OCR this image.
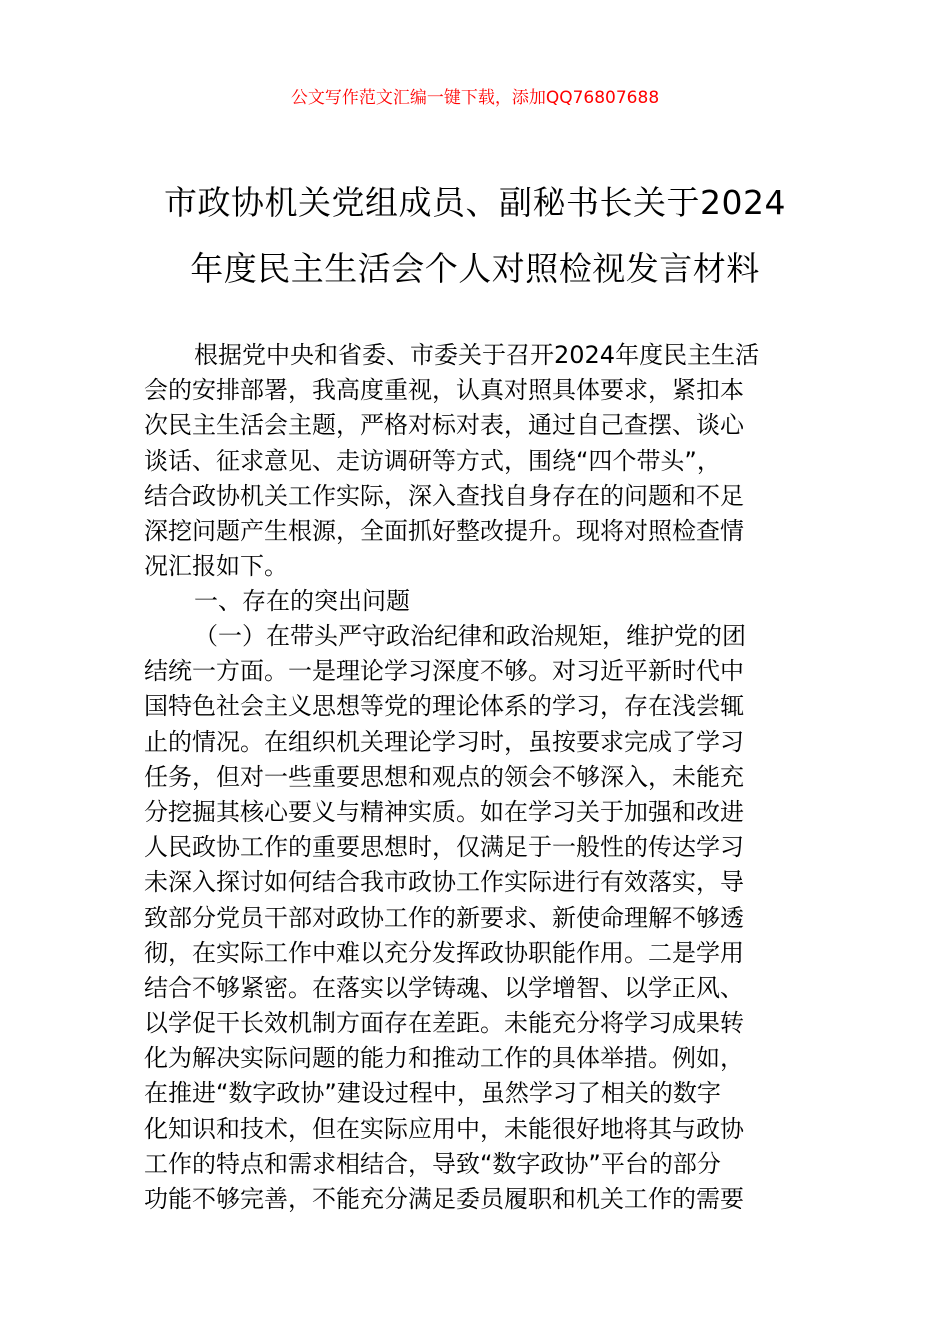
公文写作范文汇编一键下载，添加QQ76807688
市政协机关党组成员、副秘书长关于2024
年度民主生活会个人对照检视发言材料
根据党中央和省委、市委关于召开2024年度民主生活
会的安排部署，我高度重视，认真对照具体要求，紧扣本
次民主生活会主题，严格对标对表，通过自己查摆、谈心
谈话、征求意见、走访调研等方式，围绕“四个带头”，
结合政协机关工作实际，深入查找自身存在的问题和不足
深挖问题产生根源，全面抓好整改提升。现将对照检查情
况汇报如下。
一、存在的突出问题
（一）在带头严守政治纪律和政治规矩，维护党的团
结统一方面。一是理论学习深度不够。对习近平新时代中
国特色社会主义思想等党的理论体系的学习，存在浅尝辄
止的情况。在组织机关理论学习时，虽按要求完成了学习
任务，但对一些重要思想和观点的领会不够深入，未能充
分挖掘其核心要义与精神实质。如在学习关于加强和改进
人民政协工作的重要思想时，仅满足于一般性的传达学习
未深入探讨如何结合我市政协工作实际进行有效落实，导
致部分党员干部对政协工作的新要求、新使命理解不够透
彻，在实际工作中难以充分发挥政协职能作用。二是学用
结合不够紧密。在落实以学铸魂、以学增智、以学正风、
以学促干长效机制方面存在差距。未能充分将学习成果转
化为解决实际问题的能力和推动工作的具体举措。例如，
在推进“数字政协”建设过程中，虽然学习了相关的数字
化知识和技术，但在实际应用中，未能很好地将其与政协
工作的特点和需求相结合，导致“数字政协”平台的部分
功能不够完善，不能充分满足委员履职和机关工作的需要
